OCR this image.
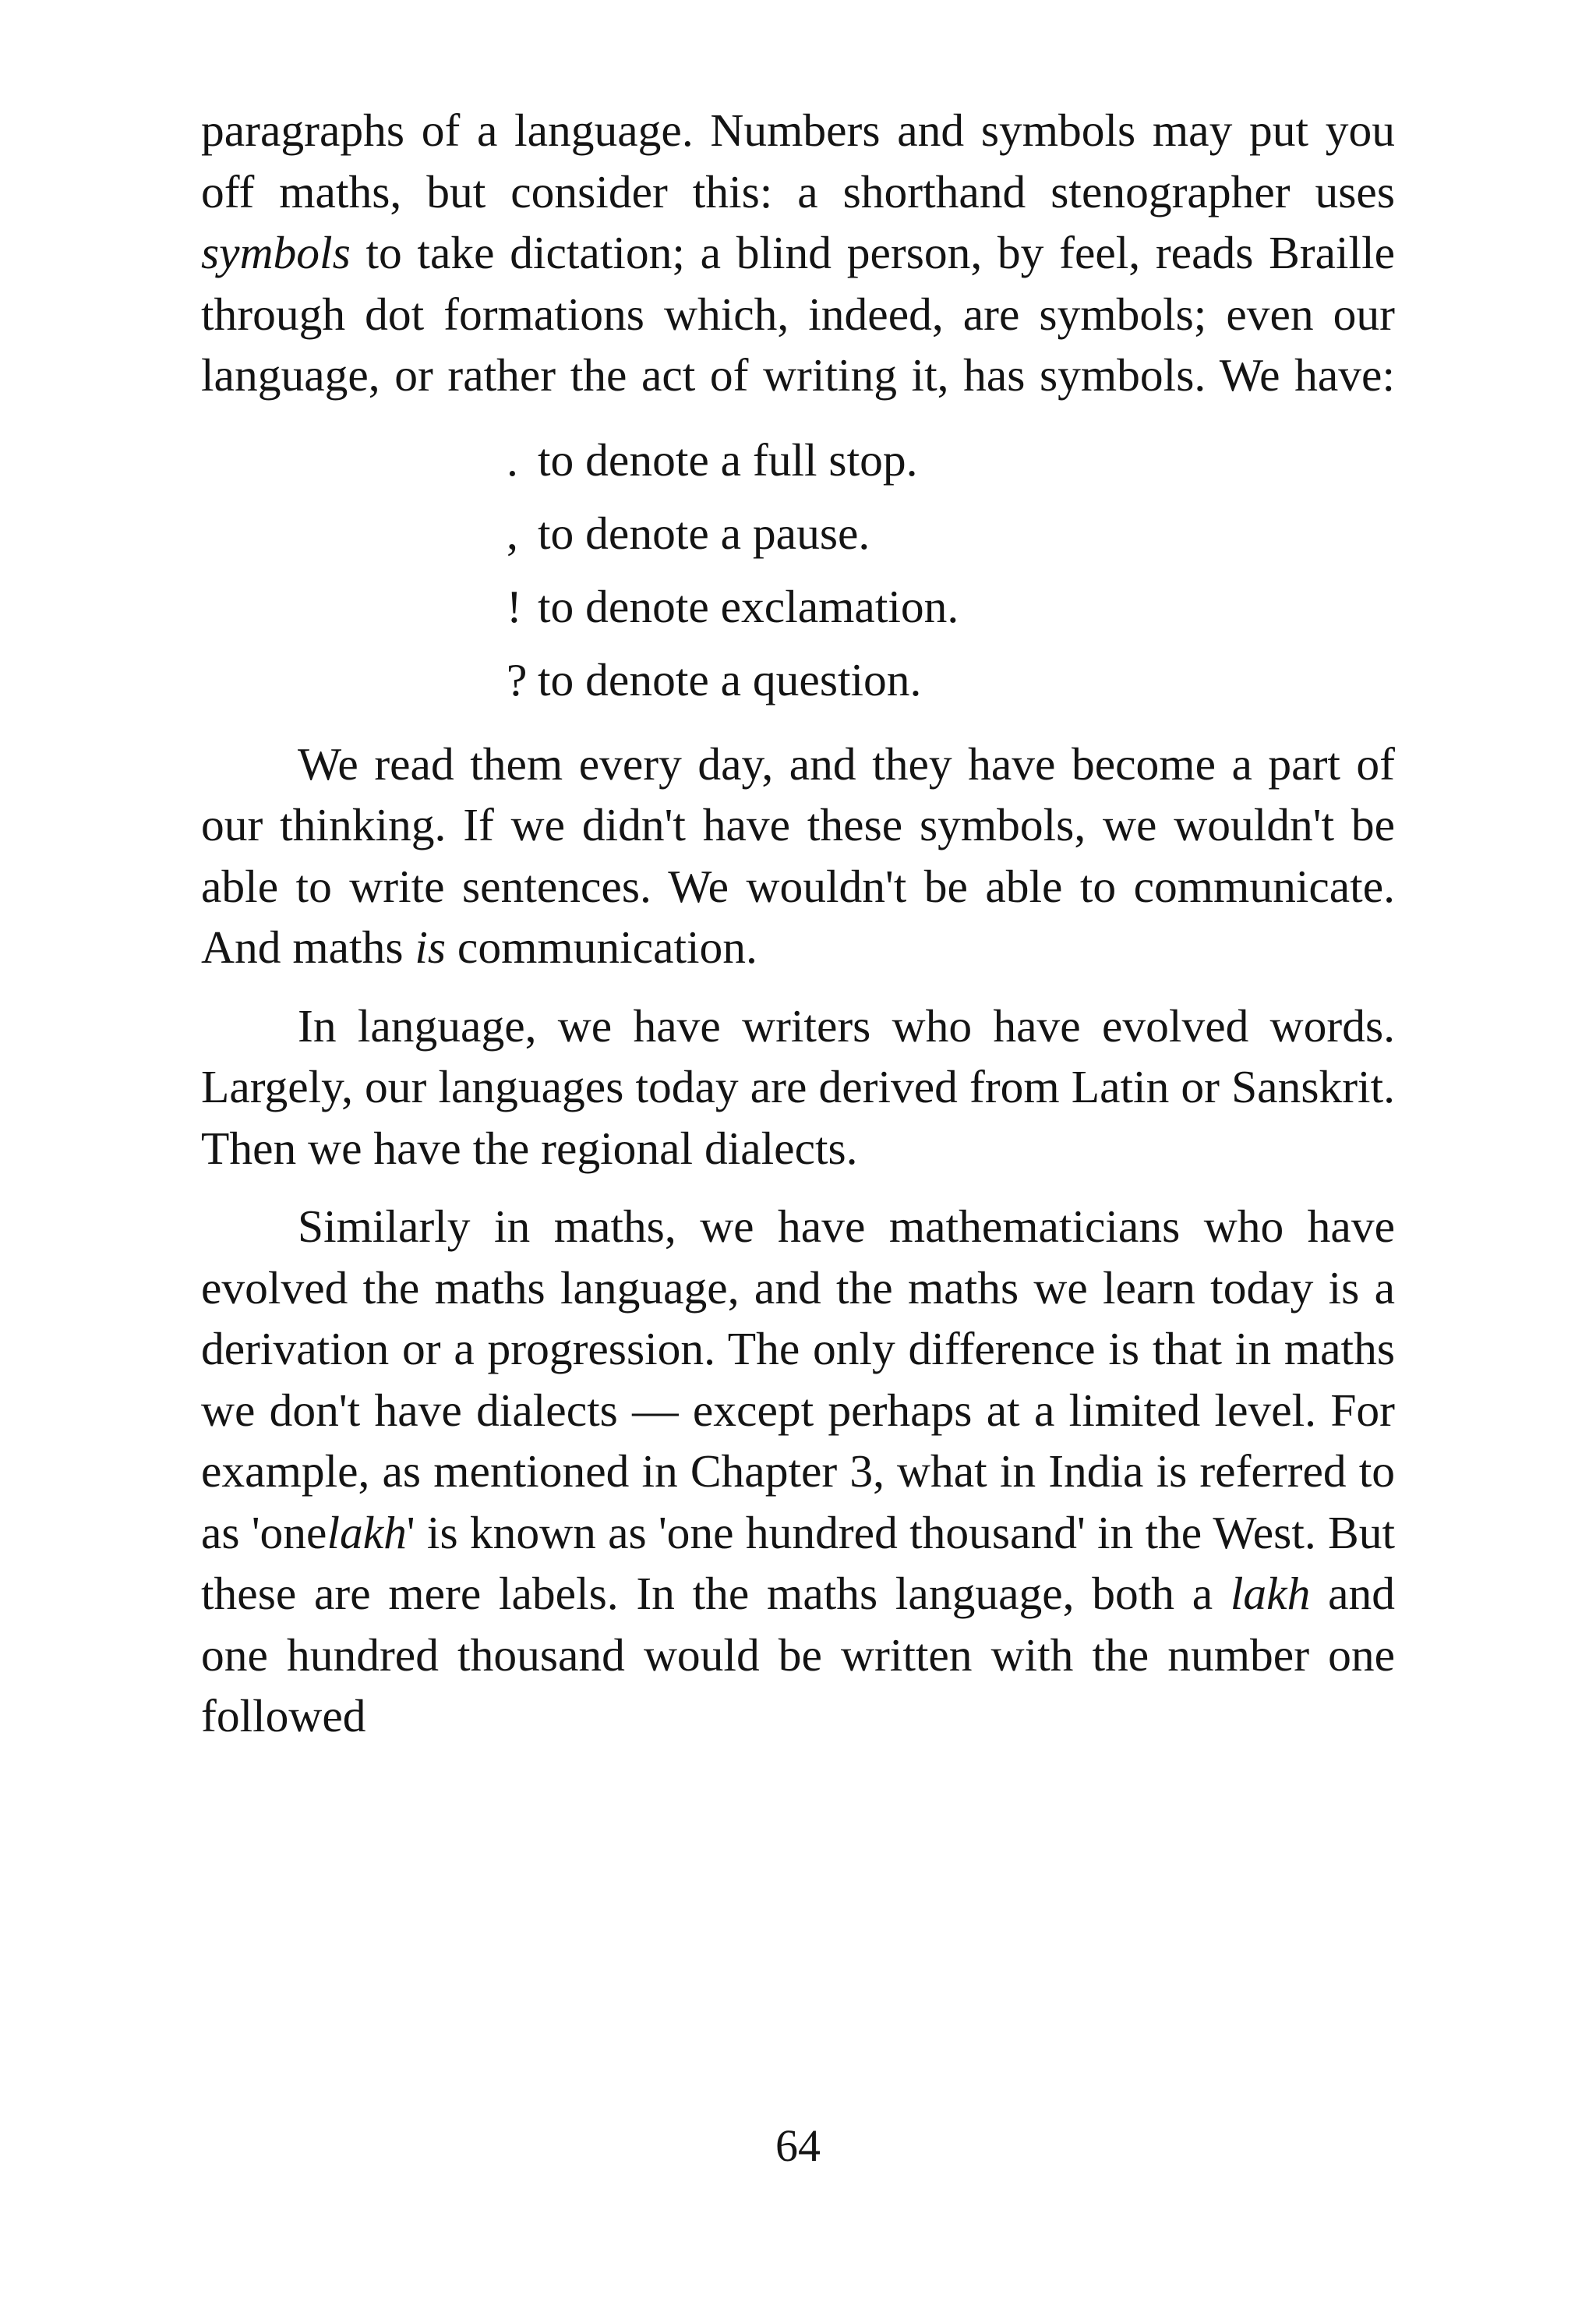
paragraphs of a language. Numbers and symbols may put you off maths, but consider this: a shorthand stenographer uses symbols to take dictation; a blind person, by feel, reads Braille through dot formations which, indeed, are symbols; even our language, or rather the act of writing it, has symbols. We have:

. to denote a full stop.
, to denote a pause.
! to denote exclamation.
? to denote a question.

We read them every day, and they have become a part of our thinking. If we didn't have these symbols, we wouldn't be able to write sentences. We wouldn't be able to communicate. And maths is communication.

In language, we have writers who have evolved words. Largely, our languages today are derived from Latin or Sanskrit. Then we have the regional dialects.

Similarly in maths, we have mathematicians who have evolved the maths language, and the maths we learn today is a derivation or a progression. The only difference is that in maths we don't have dialects — except perhaps at a limited level. For example, as mentioned in Chapter 3, what in India is referred to as 'onelakh' is known as 'one hundred thousand' in the West. But these are mere labels. In the maths language, both a lakh and one hundred thousand would be written with the number one followed

64
